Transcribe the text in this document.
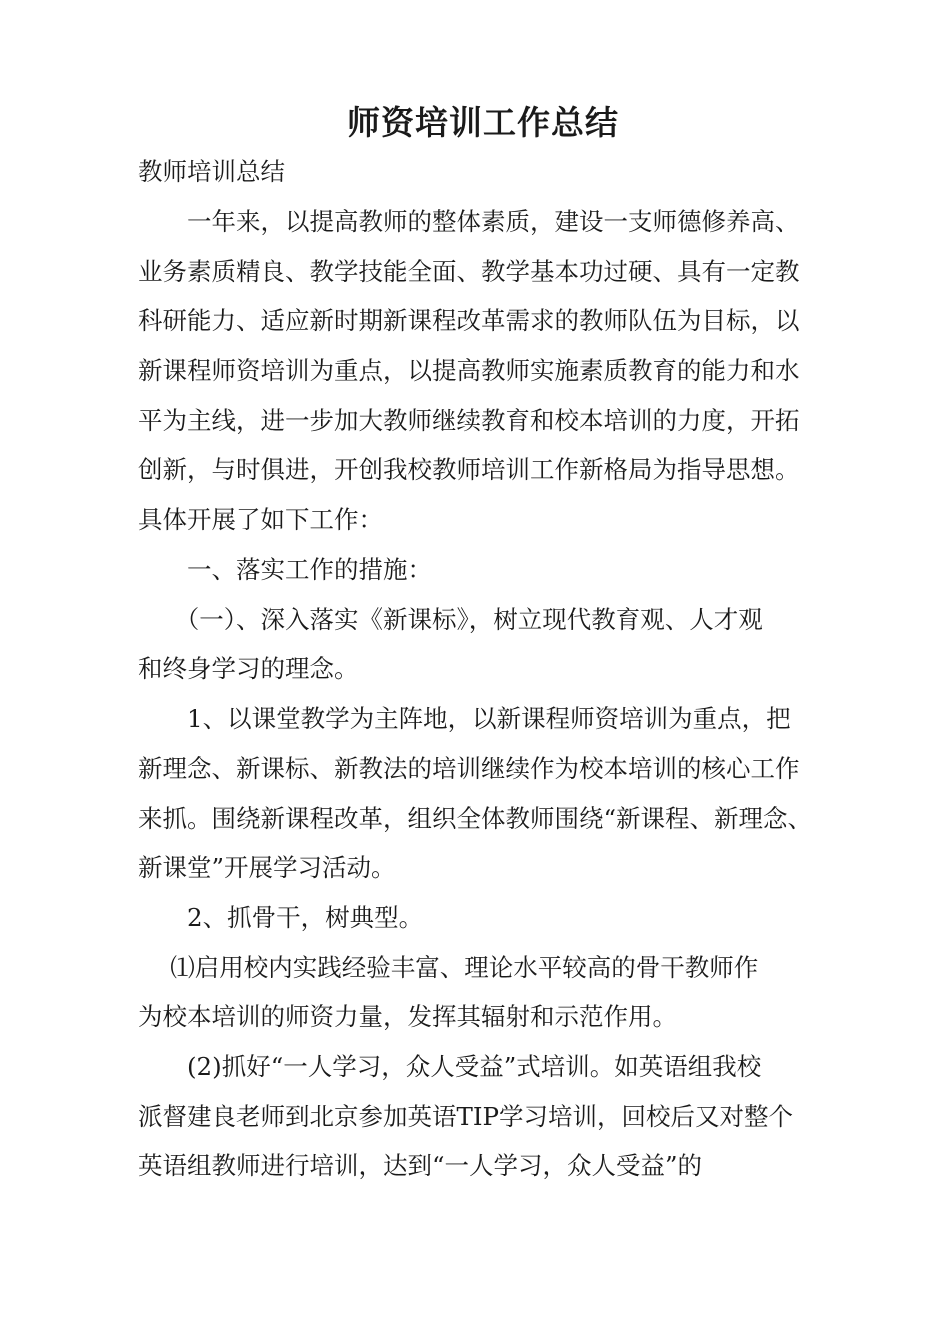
师资培训工作总结
教师培训总结
　　一年来，以提高教师的整体素质，建设一支师德修养高、
业务素质精良、教学技能全面、教学基本功过硬、具有一定教
科研能力、适应新时期新课程改革需求的教师队伍为目标，以
新课程师资培训为重点，以提高教师实施素质教育的能力和水
平为主线，进一步加大教师继续教育和校本培训的力度，开拓
创新，与时俱进，开创我校教师培训工作新格局为指导思想。
具体开展了如下工作：
　　一、落实工作的措施：
　　（一）、深入落实《新课标》，树立现代教育观、人才观
和终身学习的理念。
　　1、以课堂教学为主阵地，以新课程师资培训为重点，把
新理念、新课标、新教法的培训继续作为校本培训的核心工作
来抓。围绕新课程改革，组织全体教师围绕“新课程、新理念、
新课堂”开展学习活动。
　　2、抓骨干，树典型。
　 ⑴启用校内实践经验丰富、理论水平较高的骨干教师作
为校本培训的师资力量，发挥其辐射和示范作用。
　　(2)抓好“一人学习，众人受益”式培训。如英语组我校
派督建良老师到北京参加英语TIP学习培训，回校后又对整个
英语组教师进行培训，达到“一人学习，众人受益”的
